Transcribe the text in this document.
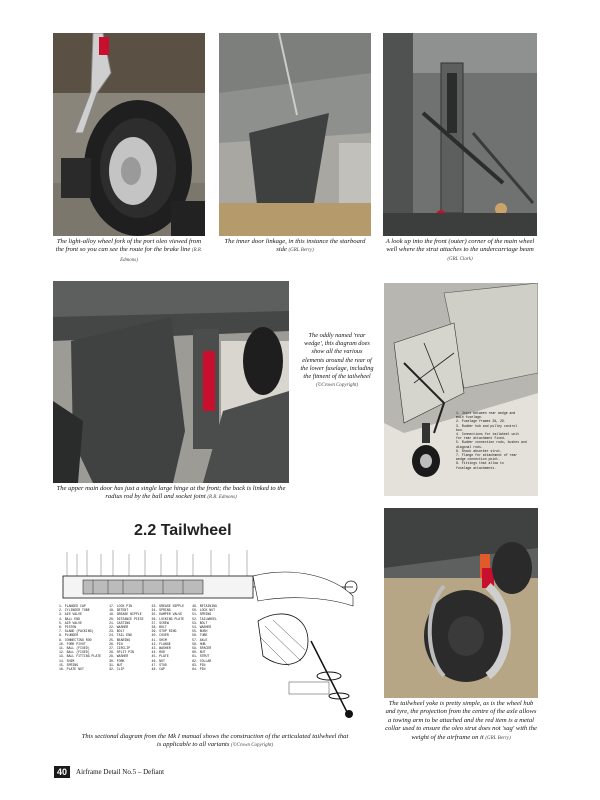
The light-alloy wheel fork of the port oleo viewed from the front so you can see the route for the brake line (R.R. Edmons)

The inner door linkage, in this instance the starboard side (GRL Berry)

A look up into the front (outer) corner of the main wheel well where the strut attaches to the undercarriage beam (GRL Clark)

The upper main door has just a single large hinge at the front; the back is linked to the radius rod by the ball and socket joint (R.R. Edmons)

The oddly named 'rear wedge', this diagram does show all the various elements around the rear of the lower fuselage, including the fitment of the tailwheel (©Crown Copyright)

1. Joint between rear wedge and
main fuselage.
2. Fuselage frames 28, 29.
3. Rudder hub and pulley control
box.
4. Connections for tailwheel unit
for rear attachment fixed.
5. Rudder connection rods, bushes and
diagonal rods.
6. Shock absorber strut.
7. Flange for attachment of rear
wedge connection point.
8. Fittings that allow to
fuselage attachments.
2.2 Tailwheel
1. FLANGED CAP
2. CYLINDER TUBE
3. AIR VALVE
4. BALL END
5. AIR VALVE
6. PISTON
7. GLAND (PACKING)
8. PLUNGER
9. CONNECTING ROD
10. FORK PIVOT
11. BALL (FIXED)
12. BALL (FIXED)
13. BALL FITTING PLATE
14. SHIM
15. SPRING
16. PLATE NUT
17. LOCK PIN
18. DETENT
19. GREASE NIPPLE
20. DISTANCE PIECE
21. CASTING
22. WASHER
23. BOLT
24. TAIL END
25. BEARING
26. PIN
27. CIRCLIP
28. SPLIT PIN
29. WASHER
30. FORK
31. NUT
32. CLIP
33. GREASE NIPPLE
34. SPRING
35. DAMPER VALVE
36. LOCKING PLATE
37. SCREW
38. BOLT
39. STOP RING
40. COVER
41. SHIM
42. FLANGE
43. WASHER
44. ROD
45. PLATE
46. NUT
47. STUD
48. CAP
49. RETAINING
50. LOCK NUT
51. SPRING
52. TAILWHEEL
53. BOLT
54. WASHER
55. BUSH
56. TUBE
57. AXLE
58. HUB
59. SPACER
60. NUT
61. STRUT
62. COLLAR
63. PIN
64. PIN

This sectional diagram from the Mk I manual shows the construction of the articulated tailwheel that is applicable to all variants (©Crown Copyright)

The tailwheel yoke is pretty simple, as is the wheel hub and tyre, the projection from the centre of the axle allows a towing arm to be attached and the red item is a metal collar used to ensure the oleo strut does not 'sag' with the weight of the airframe on it (GRL Berry)

40	Airframe Detail No.5 – Defiant
